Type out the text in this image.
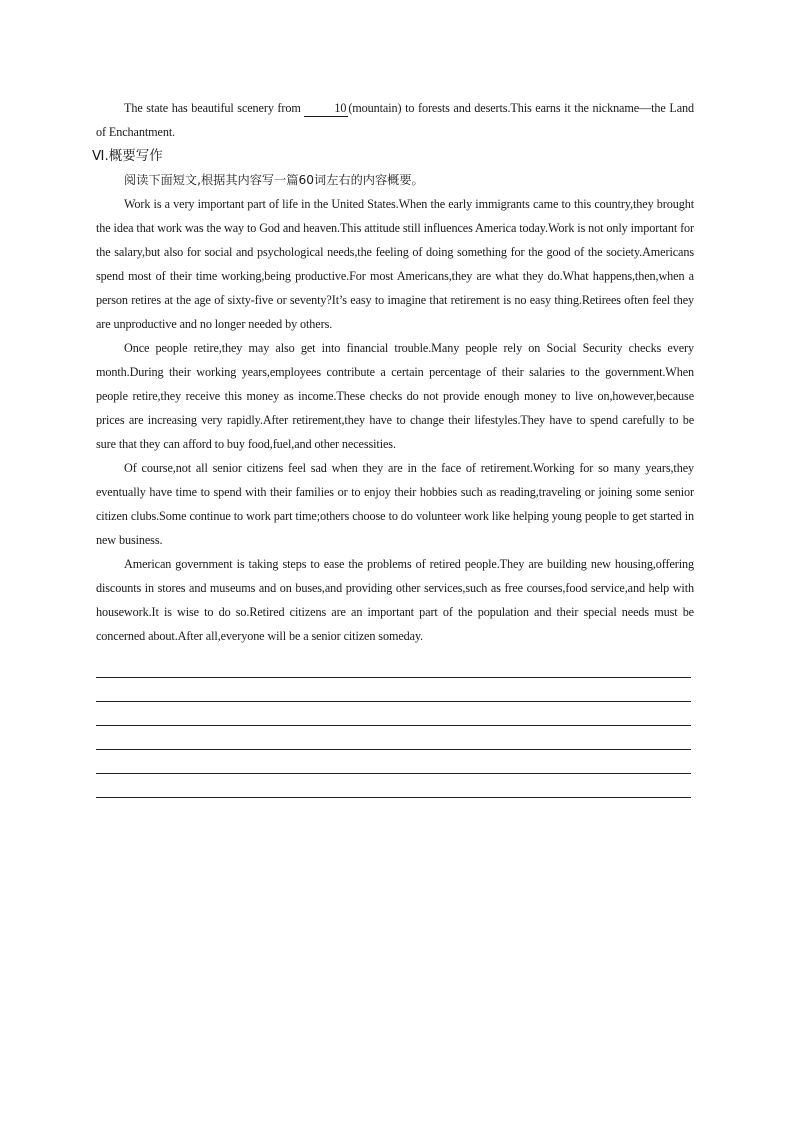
The state has beautiful scenery from 10 (mountain) to forests and deserts.This earns it the nickname—the Land of Enchantment.

Ⅵ.概要写作

阅读下面短文,根据其内容写一篇60词左右的内容概要。

Work is a very important part of life in the United States.When the early immigrants came to this country,they brought the idea that work was the way to God and heaven.This attitude still influences America today.Work is not only important for the salary,but also for social and psychological needs,the feeling of doing something for the good of the society.Americans spend most of their time working,being productive.For most Americans,they are what they do.What happens,then,when a person retires at the age of sixty-five or seventy?It’s easy to imagine that retirement is no easy thing.Retirees often feel they are unproductive and no longer needed by others.

Once people retire,they may also get into financial trouble.Many people rely on Social Security checks every month.During their working years,employees contribute a certain percentage of their salaries to the government.When people retire,they receive this money as income.These checks do not provide enough money to live on,however,because prices are increasing very rapidly.After retirement,they have to change their lifestyles.They have to spend carefully to be sure that they can afford to buy food,fuel,and other necessities.

Of course,not all senior citizens feel sad when they are in the face of retirement.Working for so many years,they eventually have time to spend with their families or to enjoy their hobbies such as reading,traveling or joining some senior citizen clubs.Some continue to work part time;others choose to do volunteer work like helping young people to get started in new business.

American government is taking steps to ease the problems of retired people.They are building new housing,offering discounts in stores and museums and on buses,and providing other services,such as free courses,food service,and help with housework.It is wise to do so.Retired citizens are an important part of the population and their special needs must be concerned about.After all,everyone will be a senior citizen someday.
